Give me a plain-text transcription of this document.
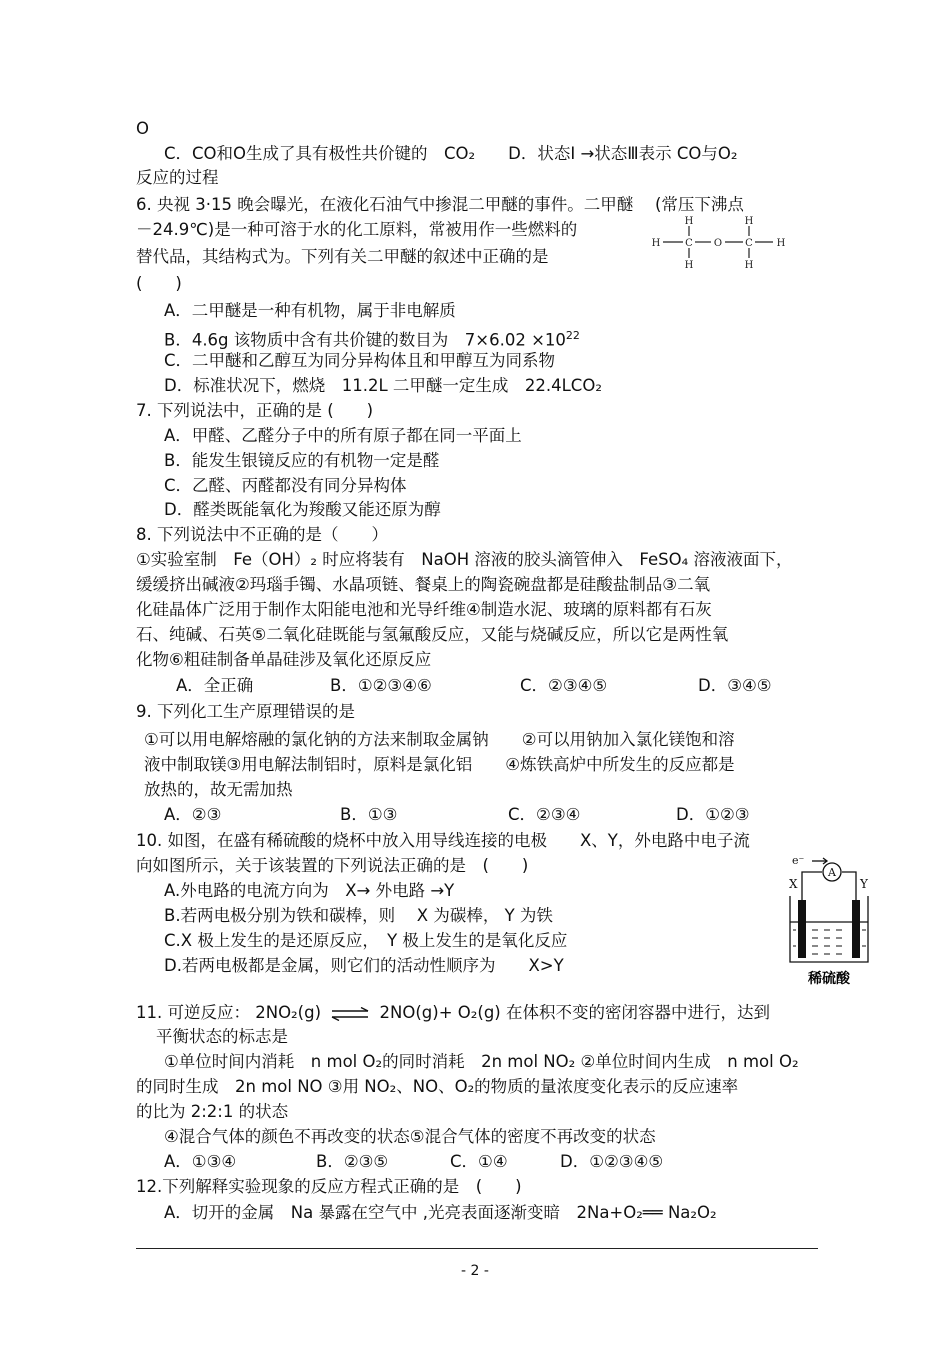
O
C．CO和O生成了具有极性共价键的　CO₂　　D．状态Ⅰ →状态Ⅲ表示 CO与O₂
反应的过程
6. 央视 3·15 晚会曝光，在液化石油气中掺混二甲醚的事件。二甲醚　 (常压下沸点
－24.9℃)是一种可溶于水的化工原料，常被用作一些燃料的
替代品，其结构式为。下列有关二甲醚的叙述中正确的是
(　　)
H	H
H C O C H
H	H
A．二甲醚是一种有机物，属于非电解质
B．4.6g 该物质中含有共价键的数目为　$7\times 6.02 \times 10^{22}$
C．二甲醚和乙醇互为同分异构体且和甲醇互为同系物
D．标准状况下，燃烧　11.2L 二甲醚一定生成　22.4LCO₂
7. 下列说法中，正确的是 (　　)
A．甲醛、乙醛分子中的所有原子都在同一平面上
B．能发生银镜反应的有机物一定是醛
C．乙醛、丙醛都没有同分异构体
D．醛类既能氧化为羧酸又能还原为醇
8. 下列说法中不正确的是（　　）
①实验室制　Fe（OH）₂ 时应将装有　NaOH 溶液的胶头滴管伸入　FeSO₄ 溶液液面下，
缓缓挤出碱液②玛瑙手镯、水晶项链、餐桌上的陶瓷碗盘都是硅酸盐制品③二氧
化硅晶体广泛用于制作太阳能电池和光导纤维④制造水泥、玻璃的原料都有石灰
石、纯碱、石英⑤二氧化硅既能与氢氟酸反应，又能与烧碱反应，所以它是两性氧
化物⑥粗硅制备单晶硅涉及氧化还原反应
A．全正确	B．①②③④⑥	C．②③④⑤	D．③④⑤
9. 下列化工生产原理错误的是
①可以用电解熔融的氯化钠的方法来制取金属钠　　②可以用钠加入氯化镁饱和溶
液中制取镁③用电解法制铝时，原料是氯化铝　　④炼铁高炉中所发生的反应都是
放热的，故无需加热
A．②③	B．①③	C．②③④	D．①②③
10. 如图，在盛有稀硫酸的烧杯中放入用导线连接的电极　　X、Y，外电路中电子流
向如图所示，关于该装置的下列说法正确的是　(　　)
A.外电路的电流方向为　X→ 外电路 →Y
B.若两电极分别为铁和碳棒，则　 X 为碳棒， Y 为铁
C.X 极上发生的是还原反应，　Y 极上发生的是氧化反应
D.若两电极都是金属，则它们的活动性顺序为　　X>Y
e⁻
A
X	Y
稀硫酸
11. 可逆反应： 2NO₂(g) ⇌ 2NO(g)+ O₂(g) 在体积不变的密闭容器中进行，达到
平衡状态的标志是
①单位时间内消耗　n mol O₂的同时消耗　2n mol NO₂ ②单位时间内生成　n mol O₂
的同时生成　2n mol NO ③用 NO₂、NO、O₂的物质的量浓度变化表示的反应速率
的比为 2:2:1 的状态
④混合气体的颜色不再改变的状态⑤混合气体的密度不再改变的状态
A．①③④	B．②③⑤	C．①④	D．①②③④⑤
12.下列解释实验现象的反应方程式正确的是　(　　)
A．切开的金属　Na 暴露在空气中 ,光亮表面逐渐变暗　2Na+O₂══ Na₂O₂
- 2 -
